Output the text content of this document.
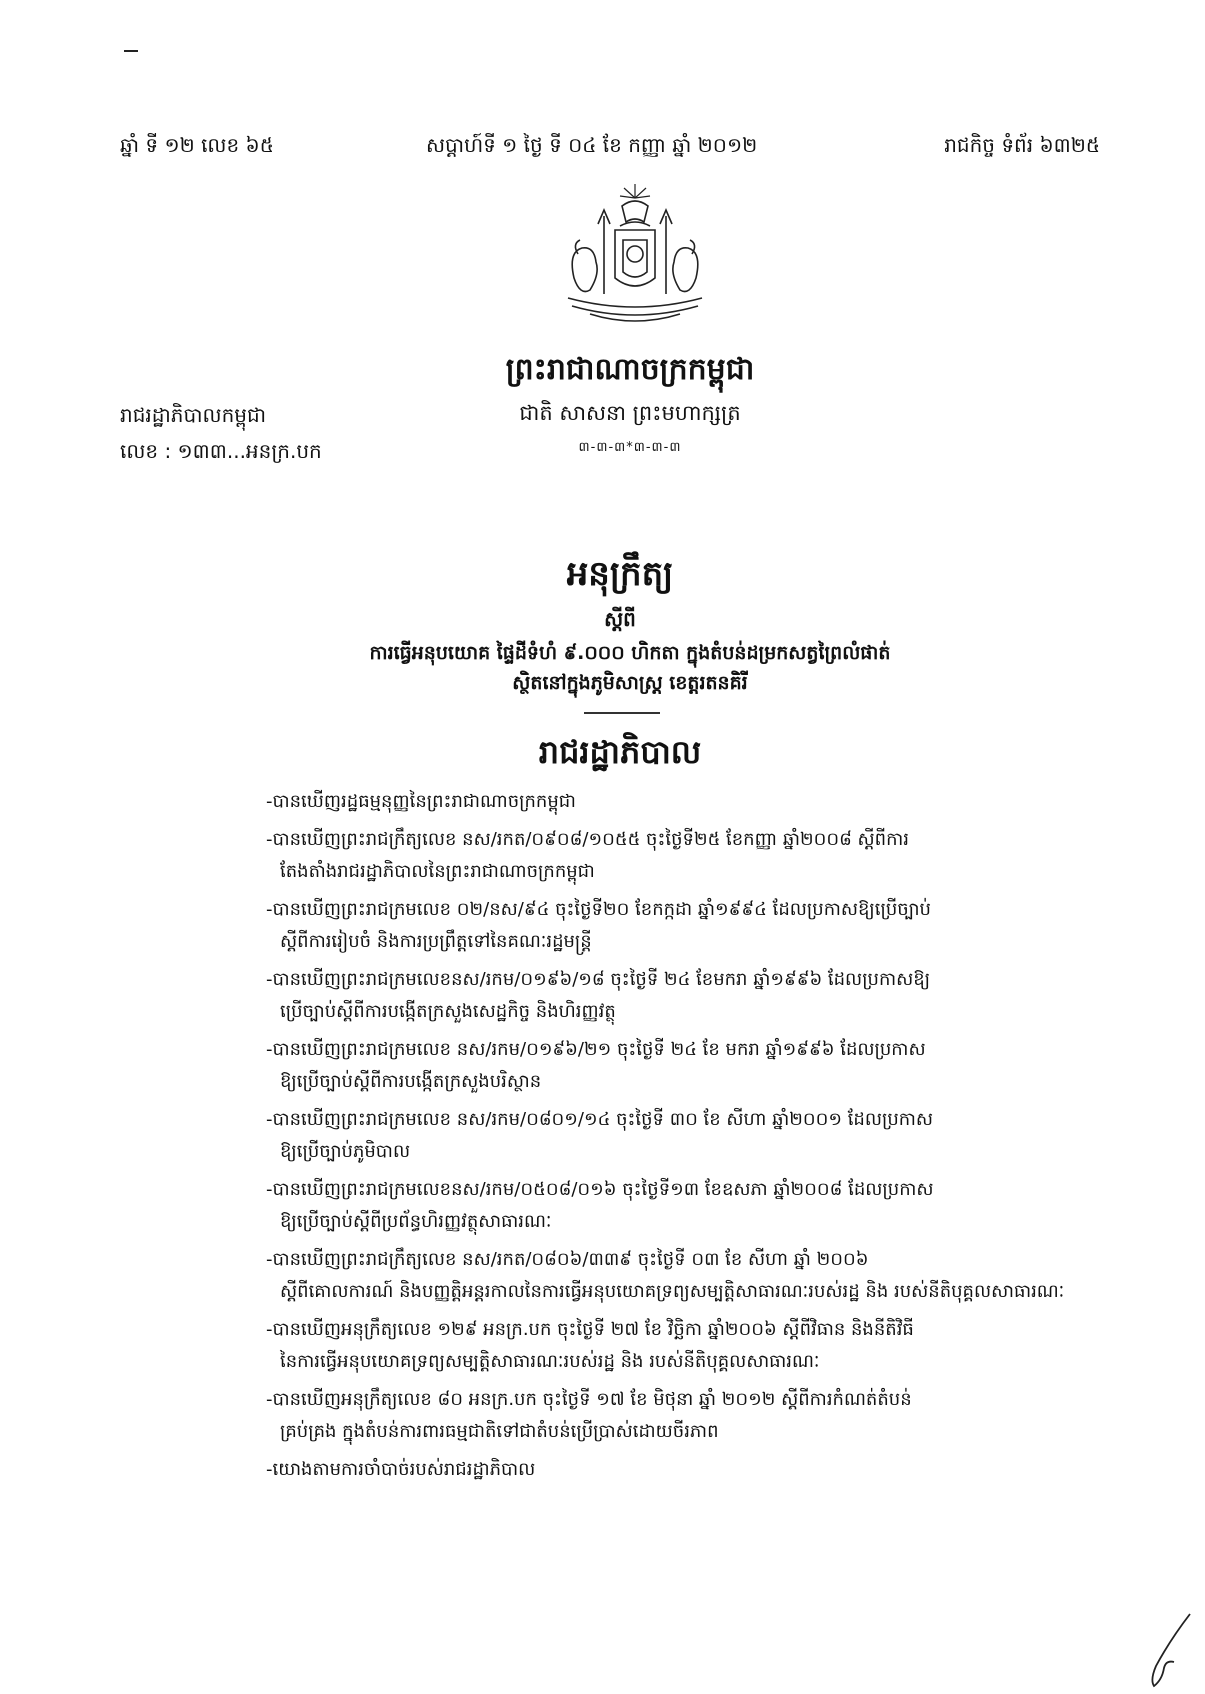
ឆ្នាំ ទី ១២ លេខ ៦៥	សប្ដាហ៍ទី ១ ថ្ងៃ ទី ០៤ ខែ កញ្ញា ឆ្នាំ ២០១២	រាជកិច្ច ទំព័រ ៦៣២៥
ព្រះរាជាណាចក្រកម្ពុជា
ជាតិ សាសនា ព្រះមហាក្សត្រ
៣-៣-៣*៣-៣-៣
រាជរដ្ឋាភិបាលកម្ពុជា
លេខ : ១៣៣...អនក្រ.បក
អនុក្រឹត្យ
ស្ដីពី
ការធ្វើអនុបយោគ ផ្ទៃដីទំហំ ៩.០០០ ហិកតា ក្នុងតំបន់ដម្រកសត្វព្រៃលំផាត់
ស្ថិតនៅក្នុងភូមិសាស្ត្រ ខេត្តរតនគិរី
រាជរដ្ឋាភិបាល
-បានឃើញរដ្ឋធម្មនុញ្ញនៃព្រះរាជាណាចក្រកម្ពុជា
-បានឃើញព្រះរាជក្រឹត្យលេខ នស/រកត/០៩០៨/១០៥៥ ចុះថ្ងៃទី២៥ ខែកញ្ញា ឆ្នាំ២០០៨ ស្ដីពីការ
តែងតាំងរាជរដ្ឋាភិបាលនៃព្រះរាជាណាចក្រកម្ពុជា
-បានឃើញព្រះរាជក្រមលេខ ០២/នស/៩៤ ចុះថ្ងៃទី២០ ខែកក្កដា ឆ្នាំ១៩៩៤ ដែលប្រកាសឱ្យប្រើច្បាប់
ស្ដីពីការរៀបចំ និងការប្រព្រឹត្តទៅនៃគណៈរដ្ឋមន្ត្រី
-បានឃើញព្រះរាជក្រមលេខនស/រកម/០១៩៦/១៨ ចុះថ្ងៃទី ២៤ ខែមករា ឆ្នាំ១៩៩៦ ដែលប្រកាសឱ្យ
ប្រើច្បាប់ស្ដីពីការបង្កើតក្រសួងសេដ្ឋកិច្ច និងហិរញ្ញវត្ថុ
-បានឃើញព្រះរាជក្រមលេខ នស/រកម/០១៩៦/២១ ចុះថ្ងៃទី ២៤ ខែ មករា ឆ្នាំ១៩៩៦ ដែលប្រកាស
ឱ្យប្រើច្បាប់ស្ដីពីការបង្កើតក្រសួងបរិស្ថាន
-បានឃើញព្រះរាជក្រមលេខ នស/រកម/០៨០១/១៤ ចុះថ្ងៃទី ៣០ ខែ សីហា ឆ្នាំ២០០១ ដែលប្រកាស
ឱ្យប្រើច្បាប់ភូមិបាល
-បានឃើញព្រះរាជក្រមលេខនស/រកម/០៥០៨/០១៦ ចុះថ្ងៃទី១៣ ខែឧសភា ឆ្នាំ២០០៨ ដែលប្រកាស
ឱ្យប្រើច្បាប់ស្ដីពីប្រព័ន្ធហិរញ្ញវត្ថុសាធារណៈ
-បានឃើញព្រះរាជក្រឹត្យលេខ នស/រកត/០៨០៦/៣៣៩ ចុះថ្ងៃទី ០៣ ខែ សីហា ឆ្នាំ ២០០៦
ស្ដីពីគោលការណ៍ និងបញ្ញត្តិអន្តរកាលនៃការធ្វើអនុបយោគទ្រព្យសម្បត្តិសាធារណៈរបស់រដ្ឋ និង របស់នីតិបុគ្គលសាធារណៈ
-បានឃើញអនុក្រឹត្យលេខ ១២៩ អនក្រ.បក ចុះថ្ងៃទី ២៧ ខែ វិច្ឆិកា ឆ្នាំ២០០៦ ស្ដីពីវិធាន និងនីតិវិធី
នៃការធ្វើអនុបយោគទ្រព្យសម្បត្តិសាធារណៈរបស់រដ្ឋ និង របស់នីតិបុគ្គលសាធារណៈ
-បានឃើញអនុក្រឹត្យលេខ ៨០ អនក្រ.បក ចុះថ្ងៃទី ១៧ ខែ មិថុនា ឆ្នាំ ២០១២ ស្ដីពីការកំណត់តំបន់
គ្រប់គ្រង ក្នុងតំបន់ការពារធម្មជាតិទៅជាតំបន់ប្រើប្រាស់ដោយចីរភាព
-យោងតាមការចាំបាច់របស់រាជរដ្ឋាភិបាល
